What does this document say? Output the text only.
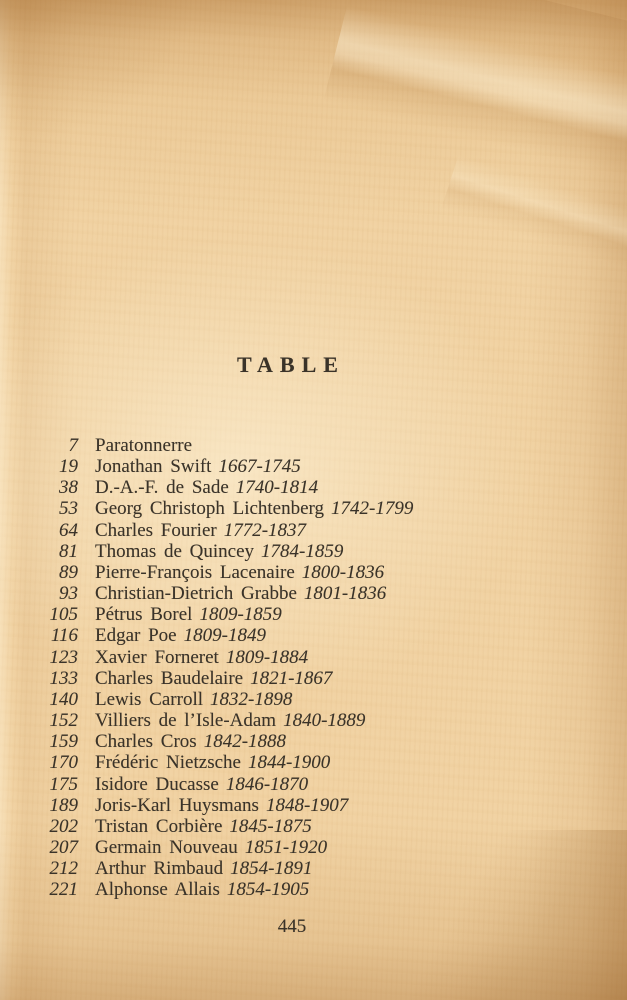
TABLE
7 Paratonnerre
19 Jonathan Swift 1667-1745
38 D.-A.-F. de Sade 1740-1814
53 Georg Christoph Lichtenberg 1742-1799
64 Charles Fourier 1772-1837
81 Thomas de Quincey 1784-1859
89 Pierre-François Lacenaire 1800-1836
93 Christian-Dietrich Grabbe 1801-1836
105 Pétrus Borel 1809-1859
116 Edgar Poe 1809-1849
123 Xavier Forneret 1809-1884
133 Charles Baudelaire 1821-1867
140 Lewis Carroll 1832-1898
152 Villiers de l’Isle-Adam 1840-1889
159 Charles Cros 1842-1888
170 Frédéric Nietzsche 1844-1900
175 Isidore Ducasse 1846-1870
189 Joris-Karl Huysmans 1848-1907
202 Tristan Corbière 1845-1875
207 Germain Nouveau 1851-1920
212 Arthur Rimbaud 1854-1891
221 Alphonse Allais 1854-1905
445
